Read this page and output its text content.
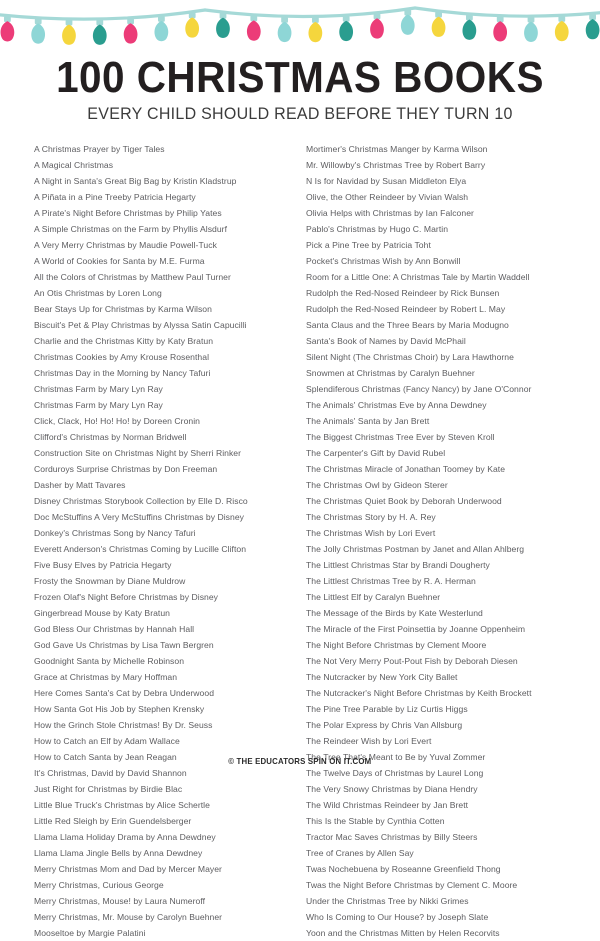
100 CHRISTMAS BOOKS
EVERY CHILD SHOULD READ BEFORE THEY TURN 10
A Christmas Prayer by Tiger Tales
A Magical Christmas
A Night in Santa's Great Big Bag by Kristin Kladstrup
A Piñata in a Pine Treeby Patricia Hegarty
A Pirate's Night Before Christmas by Philip Yates
A Simple Christmas on the Farm by Phyllis Alsdurf
A Very Merry Christmas by Maudie Powell-Tuck
A World of Cookies for Santa by M.E. Furma
All the Colors of Christmas by Matthew Paul Turner
An Otis Christmas by Loren Long
Bear Stays Up for Christmas by Karma Wilson
Biscuit's Pet & Play Christmas by Alyssa Satin Capucilli
Charlie and the Christmas Kitty by Katy Bratun
Christmas Cookies by Amy Krouse Rosenthal
Christmas Day in the Morning by Nancy Tafuri
Christmas Farm by Mary Lyn Ray
Christmas Farm by Mary Lyn Ray
Click, Clack, Ho! Ho! Ho! by Doreen Cronin
Clifford's Christmas by Norman Bridwell
Construction Site on Christmas Night by Sherri Rinker
Corduroys Surprise Christmas by Don Freeman
Dasher by Matt Tavares
Disney Christmas Storybook Collection by Elle D. Risco
Doc McStuffins A Very McStuffins Christmas by Disney
Donkey's Christmas Song by Nancy Tafuri
Everett Anderson's Christmas Coming by Lucille Clifton
Five Busy Elves by Patricia Hegarty
Frosty the Snowman by Diane Muldrow
Frozen Olaf's Night Before Christmas by Disney
Gingerbread Mouse by Katy Bratun
God Bless Our Christmas by Hannah Hall
God Gave Us Christmas by Lisa Tawn Bergren
Goodnight Santa by Michelle Robinson
Grace at Christmas by Mary Hoffman
Here Comes Santa's Cat by Debra Underwood
How Santa Got His Job by Stephen Krensky
How the Grinch Stole Christmas! By Dr. Seuss
How to Catch an Elf by Adam Wallace
How to Catch Santa by Jean Reagan
It's Christmas, David by David Shannon
Just Right for Christmas by Birdie Blac
Little Blue Truck's Christmas by Alice Schertle
Little Red Sleigh by Erin Guendelsberger
Llama Llama Holiday Drama by Anna Dewdney
Llama Llama Jingle Bells by Anna Dewdney
Merry Christmas Mom and Dad by Mercer Mayer
Merry Christmas, Curious George
Merry Christmas, Mouse! by Laura Numeroff
Merry Christmas, Mr. Mouse by Carolyn Buehner
Mooseltoe by Margie Palatini
Mortimer's Christmas Manger by Karma Wilson
Mr. Willowby's Christmas Tree by Robert Barry
N Is for Navidad by Susan Middleton Elya
Olive, the Other Reindeer by Vivian Walsh
Olivia Helps with Christmas by Ian Falconer
Pablo's Christmas by Hugo C. Martin
Pick a Pine Tree by Patricia Toht
Pocket's Christmas Wish by Ann Bonwill
Room for a Little One: A Christmas Tale by Martin Waddell
Rudolph the Red-Nosed Reindeer by Rick Bunsen
Rudolph the Red-Nosed Reindeer by Robert L. May
Santa Claus and the Three Bears by Maria Modugno
Santa's Book of Names by David McPhail
Silent Night (The Christmas Choir) by Lara Hawthorne
Snowmen at Christmas by Caralyn Buehner
Splendiferous Christmas (Fancy Nancy) by Jane O'Connor
The Animals' Christmas Eve by Anna Dewdney
The Animals' Santa by Jan Brett
The Biggest Christmas Tree Ever by Steven Kroll
The Carpenter's Gift by David Rubel
The Christmas Miracle of Jonathan Toomey by Kate
The Christmas Owl by Gideon Sterer
The Christmas Quiet Book by Deborah Underwood
The Christmas Story by H. A. Rey
The Christmas Wish by Lori Evert
The Jolly Christmas Postman by Janet and Allan Ahlberg
The Littlest Christmas Star by Brandi Dougherty
The Littlest Christmas Tree by R. A. Herman
The Littlest Elf by Caralyn Buehner
The Message of the Birds by Kate Westerlund
The Miracle of the First Poinsettia by Joanne Oppenheim
The Night Before Christmas by Clement Moore
The Not Very Merry Pout-Pout Fish by Deborah Diesen
The Nutcracker by New York City Ballet
The Nutcracker's Night Before Christmas by Keith Brockett
The Pine Tree Parable by Liz Curtis Higgs
The Polar Express by Chris Van Allsburg
The Reindeer Wish by Lori Evert
The Tree That's Meant to Be by Yuval Zommer
The Twelve Days of Christmas by Laurel Long
The Very Snowy Christmas by Diana Hendry
The Wild Christmas Reindeer by Jan Brett
This Is the Stable by Cynthia Cotten
Tractor Mac Saves Christmas by Billy Steers
Tree of Cranes by Allen Say
Twas Nochebuena by Roseanne Greenfield Thong
Twas the Night Before Christmas by Clement C. Moore
Under the Christmas Tree by Nikki Grimes
Who Is Coming to Our House? by Joseph Slate
Yoon and the Christmas Mitten by Helen Recorvits
© THE EDUCATORS SPIN ON IT.COM
